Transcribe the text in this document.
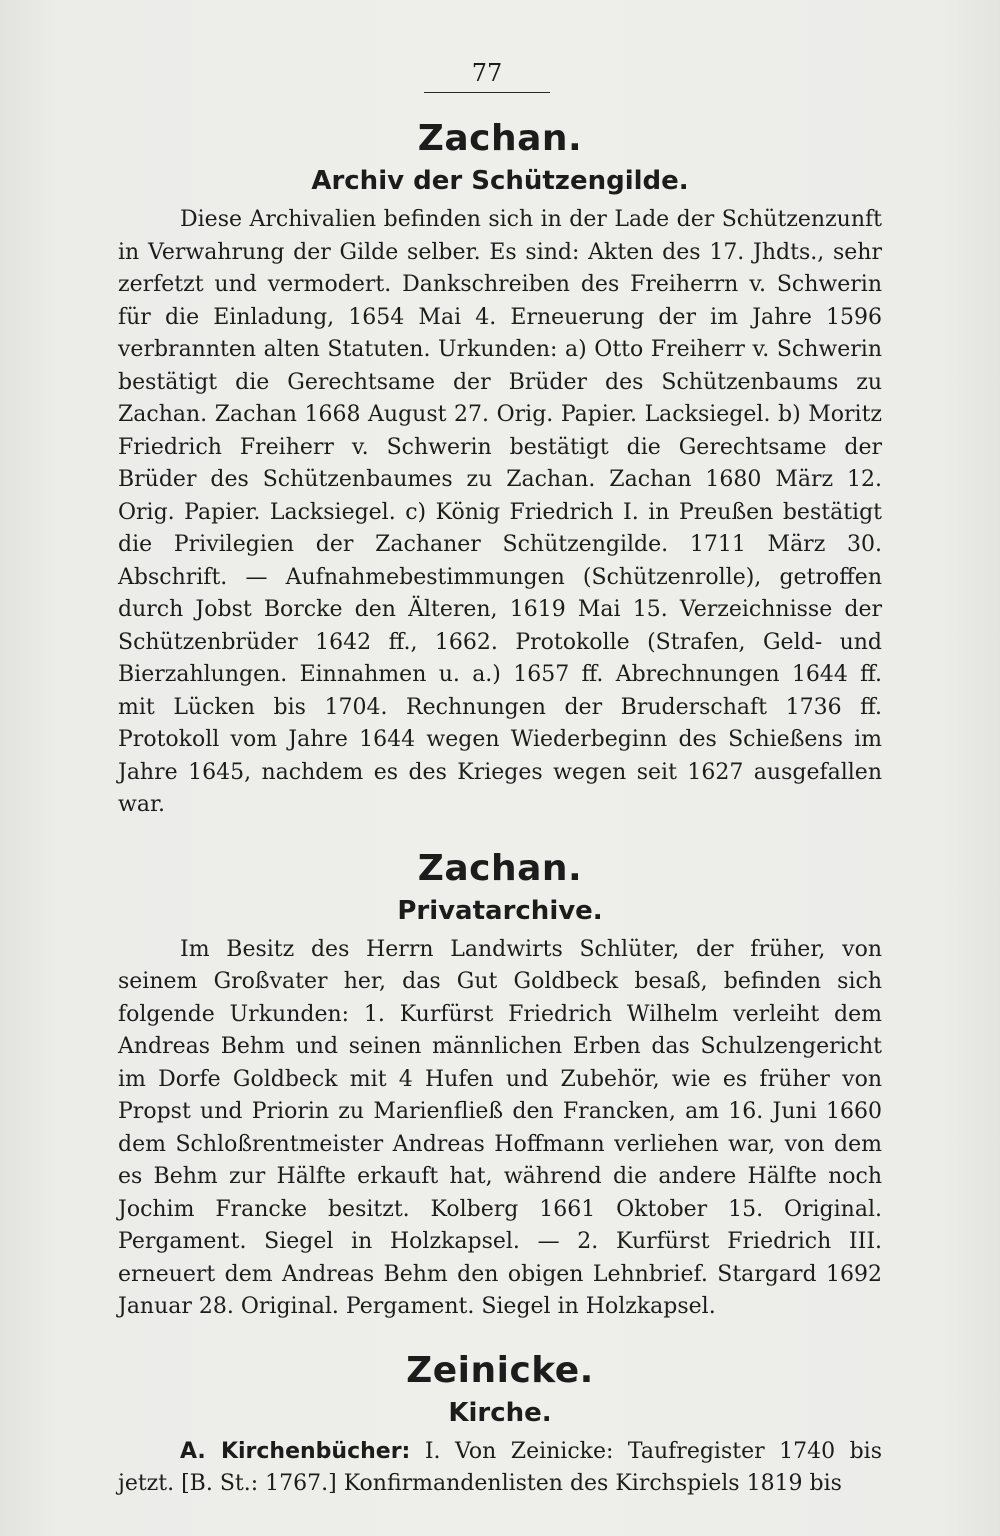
77
Zachan.
Archiv der Schützengilde.

Diese Archivalien befinden sich in der Lade der Schützenzunft in Verwahrung der Gilde selber. Es sind: Akten des 17. Jhdts., sehr zerfetzt und vermodert. Dankschreiben des Freiherrn v. Schwerin für die Einladung, 1654 Mai 4. Erneuerung der im Jahre 1596 verbrannten alten Statuten. Urkunden: a) Otto Freiherr v. Schwerin bestätigt die Gerechtsame der Brüder des Schützenbaums zu Zachan. Zachan 1668 August 27. Orig. Papier. Lacksiegel. b) Moritz Friedrich Freiherr v. Schwerin bestätigt die Gerechtsame der Brüder des Schützenbaumes zu Zachan. Zachan 1680 März 12. Orig. Papier. Lacksiegel. c) König Friedrich I. in Preußen bestätigt die Privilegien der Zachaner Schützengilde. 1711 März 30. Abschrift. — Aufnahmebestimmungen (Schützenrolle), getroffen durch Jobst Borcke den Älteren, 1619 Mai 15. Verzeichnisse der Schützenbrüder 1642 ff., 1662. Protokolle (Strafen, Geld- und Bierzahlungen. Einnahmen u. a.) 1657 ff. Abrechnungen 1644 ff. mit Lücken bis 1704. Rechnungen der Bruderschaft 1736 ff. Protokoll vom Jahre 1644 wegen Wiederbeginn des Schießens im Jahre 1645, nachdem es des Krieges wegen seit 1627 ausgefallen war.

Zachan.
Privatarchive.

Im Besitz des Herrn Landwirts Schlüter, der früher, von seinem Großvater her, das Gut Goldbeck besaß, befinden sich folgende Urkunden: 1. Kurfürst Friedrich Wilhelm verleiht dem Andreas Behm und seinen männlichen Erben das Schulzengericht im Dorfe Goldbeck mit 4 Hufen und Zubehör, wie es früher von Propst und Priorin zu Marienfließ den Francken, am 16. Juni 1660 dem Schloßrentmeister Andreas Hoffmann verliehen war, von dem es Behm zur Hälfte erkauft hat, während die andere Hälfte noch Jochim Francke besitzt. Kolberg 1661 Oktober 15. Original. Pergament. Siegel in Holzkapsel. — 2. Kurfürst Friedrich III. erneuert dem Andreas Behm den obigen Lehnbrief. Stargard 1692 Januar 28. Original. Pergament. Siegel in Holzkapsel.

Zeinicke.
Kirche.

A. Kirchenbücher: I. Von Zeinicke: Taufregister 1740 bis jetzt. [B. St.: 1767.] Konfirmandenlisten des Kirchspiels 1819 bis
